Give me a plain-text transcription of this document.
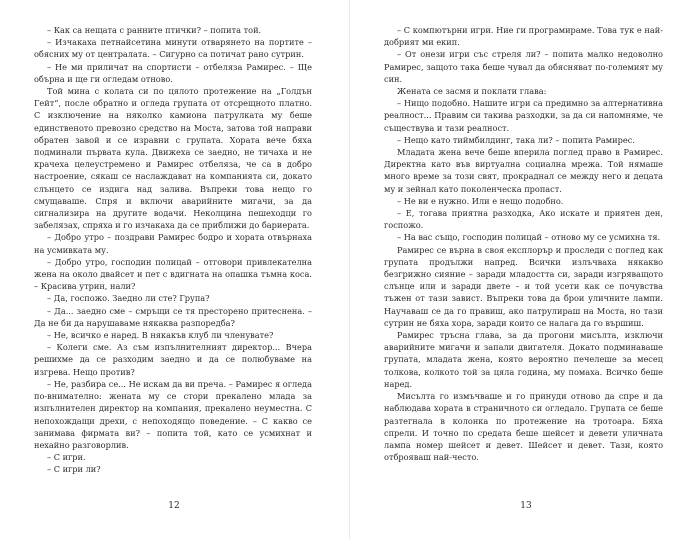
– Как са нещата с ранните птички? – попита той.

– Изчакаха петнайсетина минути отварянето на портите – обясних му от централата. – Сигурно са потичат рано сутрин.

– Не ми приличат на спортисти – отбеляза Рамирес. – Ще обърна и ще ги огледам отново.

Той мина с колата си по цялото протежение на „Голдън Гейт“, после обратно и огледа групата от отсрещното платно. С изключение на няколко камиона патрулката му беше единственото превозно средство на Моста, затова той направи обратен завой и се изравни с групата. Хората вече бяха подминали първата кула. Движеха се заедно, не тичаха и не крачеха целеустремено и Рамирес отбеляза, че са в добро настроение, сякаш се наслаждават на компанията си, докато слънцето се издига над залива. Въпреки това нещо го смущаваше. Спря и включи аварийните мигачи, за да сигнализира на другите водачи. Неколцина пешеходци го забелязах, спряха и го изчакаха да се приближи до бариерата.

– Добро утро – поздрави Рамирес бодро и хората отвърнаха на усмивката му.

– Добро утро, господин полицай – отговори привлекателна жена на около двайсет и пет с вдигната на опашка тъмна коса. – Красива утрин, нали?

– Да, госпожо. Заедно ли сте? Група?

– Да... заедно сме – смръщи се тя престорено притеснена. – Да не би да нарушаваме някаква разпоредба?

– Не, всичко е наред. В някакъв клуб ли членувате?

– Колеги сме. Аз съм изпълнителният директор... Вчера решихме да се разходим заедно и да се полюбуваме на изгрева. Нещо против?

– Не, разбира се... Не искам да ви преча. – Рамирес я огледа по-внимателно: жената му се стори прекалено млада за изпълнителен директор на компания, прекалено неуместна. С непохождащи дрехи, с непоходящо поведение. – С какво се занимава фирмата ви? – попита той, като се усмихнат и нехайно разговорлив.

– С игри.

– С игри ли?

12

– С компютърни игри. Ние ги програмираме. Това тук е най-добрият ми екип.

– От онези игри със стреля ли? – попита малко недоволно Рамирес, защото така беше чувал да обясняват по-големият му син.

Жената се засмя и поклати глава:

– Нищо подобно. Нашите игри са предимно за алтернативна реалност... Правим си такива разходки, за да си напомняме, че съществува и тази реалност.

– Нещо като тиймбилдинг, така ли? – попита Рамирес.

Младата жена вече беше вперила поглед право в Рамирес. Директна като във виртуална социална мрежа. Той нямаше много време за този свят, прокраднал се между него и децата му и зейнал като поколенческа пропаст.

– Не ви е нужно. Или е нещо подобно.

– Е, тогава приятна разходка, Ако искате и приятен ден, госпожо.

– На вас също, господин полицай – отново му се усмихна тя.

Рамирес се върна в своя експлорър и проследи с поглед как групата продължи напред. Всички излъчваха някакво безгрижно сияние – заради младостта си, заради изгряващото слънце или и заради двете – и той усети как се почувства тъжен от тази завист. Въпреки това да брои уличните лампи. Научаваш се да го правиш, ако патрулираш на Моста, но тази сутрин не бяха хора, заради които се налага да го вършиш.

Рамирес тръсна глава, за да прогони мисълта, изключи аварийните мигачи и запали двигателя. Докато подминаваше групата, младата жена, която вероятно печелеше за месец толкова, колкото той за цяла година, му помаха. Всичко беше наред.

Мисълта го измъчваше и го принуди отново да спре и да наблюдава хората в страничното си огледало. Групата се беше разтегнала в колонка по протежение на тротоара. Бяха спрели. И точно по средата беше шейсет и девети уличната лампа номер шейсет и девет. Шейсет и девет. Тази, която отброяваш най-често.

13
